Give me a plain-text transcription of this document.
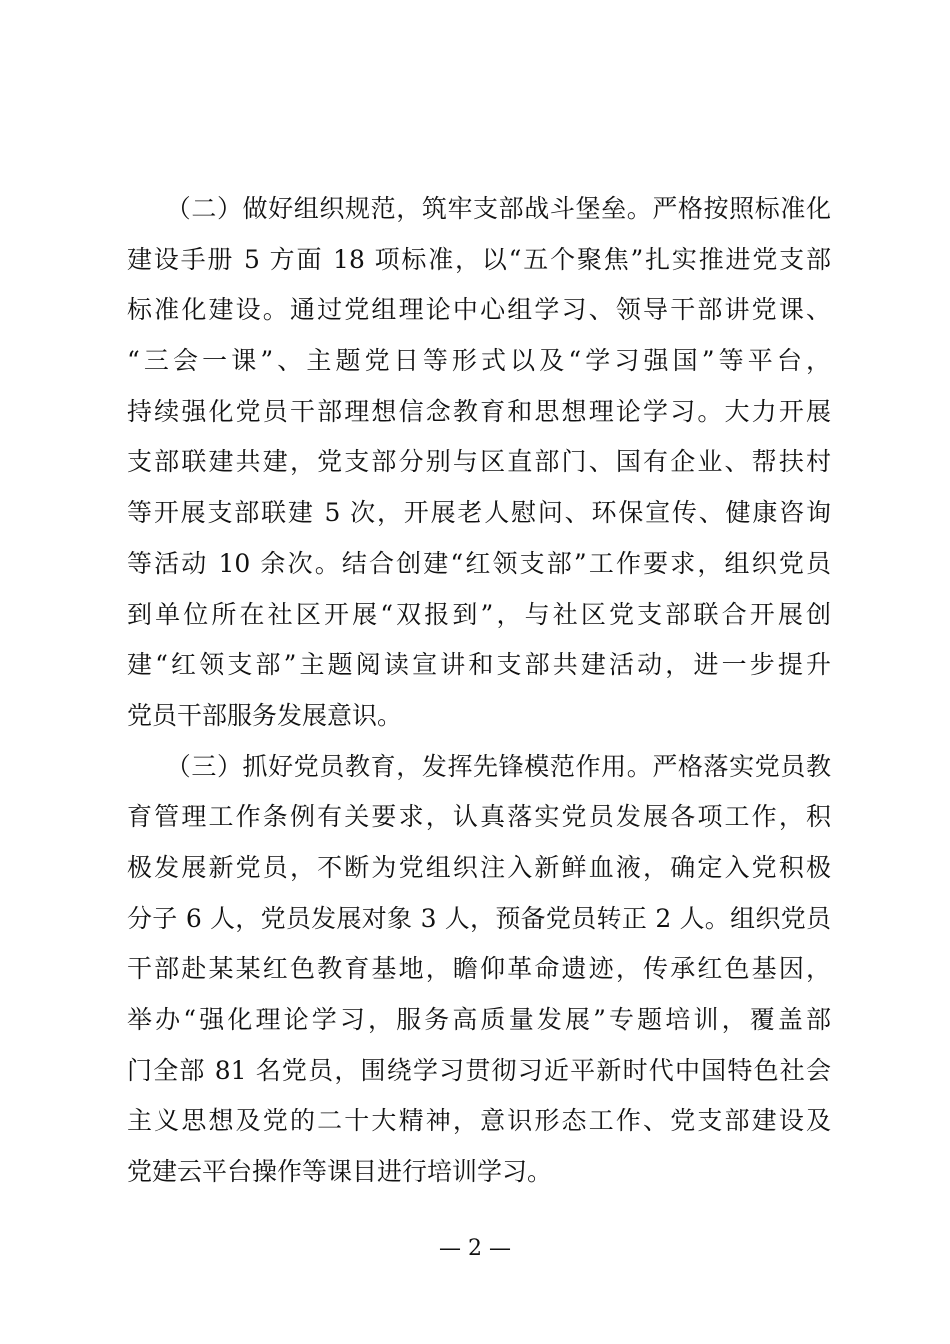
　　（二）做好组织规范，筑牢支部战斗堡垒。严格按照标准化
建设手册 5 方面 18 项标准，以“五个聚焦”扎实推进党支部
标准化建设。通过党组理论中心组学习、领导干部讲党课、
“三会一课”、主题党日等形式以及“学习强国”等平台，
持续强化党员干部理想信念教育和思想理论学习。大力开展
支部联建共建，党支部分别与区直部门、国有企业、帮扶村
等开展支部联建 5 次，开展老人慰问、环保宣传、健康咨询
等活动 10 余次。结合创建“红领支部”工作要求，组织党员
到单位所在社区开展“双报到”，与社区党支部联合开展创
建“红领支部”主题阅读宣讲和支部共建活动，进一步提升
党员干部服务发展意识。
　　（三）抓好党员教育，发挥先锋模范作用。严格落实党员教
育管理工作条例有关要求，认真落实党员发展各项工作，积
极发展新党员，不断为党组织注入新鲜血液，确定入党积极
分子 6 人，党员发展对象 3 人，预备党员转正 2 人。组织党员
干部赴某某红色教育基地，瞻仰革命遗迹，传承红色基因，
举办“强化理论学习，服务高质量发展”专题培训，覆盖部
门全部 81 名党员，围绕学习贯彻习近平新时代中国特色社会
主义思想及党的二十大精神，意识形态工作、党支部建设及
党建云平台操作等课目进行培训学习。
— 2 —
